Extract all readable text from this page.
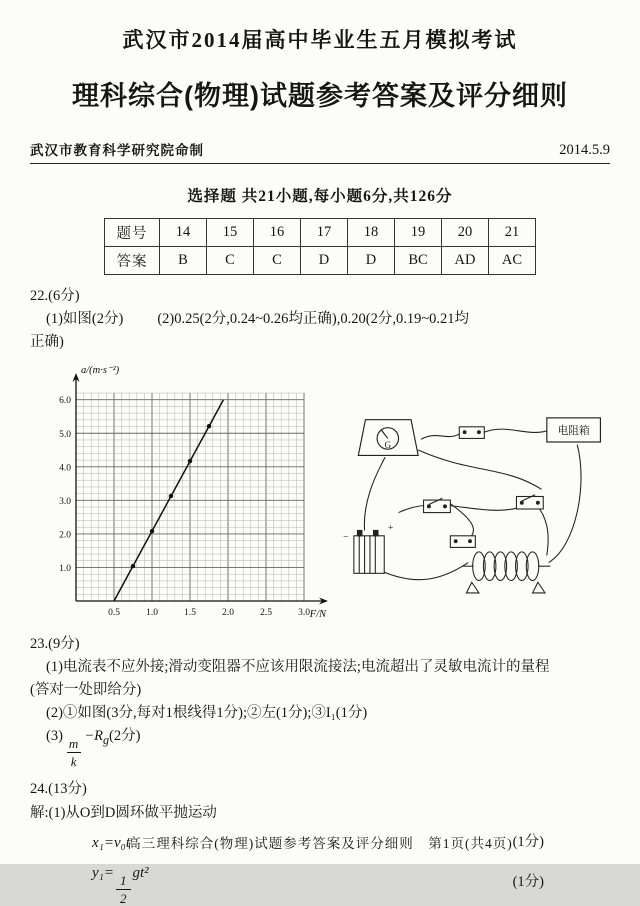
武汉市2014届高中毕业生五月模拟考试
理科综合(物理)试题参考答案及评分细则
武汉市教育科学研究院命制	2014.5.9
选择题 共21小题,每小题6分,共126分
题号	14	15	16	17	18	19	20	21
答案	B	C	C	D	D	BC	AD	AC
22.(6分)
(1)如图(2分) (2)0.25(2分,0.24~0.26均正确),0.20(2分,0.19~0.21均
正确)
1.0
2.0
3.0
4.0
5.0
6.0
0.5	1.0	1.5	2.0	2.5	3.0
a/(m·s⁻²)
F/N
G
电阻箱
+
−
23.(9分)
(1)电流表不应外接;滑动变阻器不应该用限流接法;电流超出了灵敏电流计的量程
(答对一处即给分)
(2)①如图(3分,每对1根线得1分);②左(1分);③I₁(1分)
(3)
$\frac{m}{k}$
$-R_g(2$分)
24.(13分)
解:(1)从O到D圆环做平抛运动
x₁=v₀t	(1分)
y₁=
$\frac{1}{2}$
gt²
(1分)
高三理科综合(物理)试题参考答案及评分细则　第1页(共4页)
